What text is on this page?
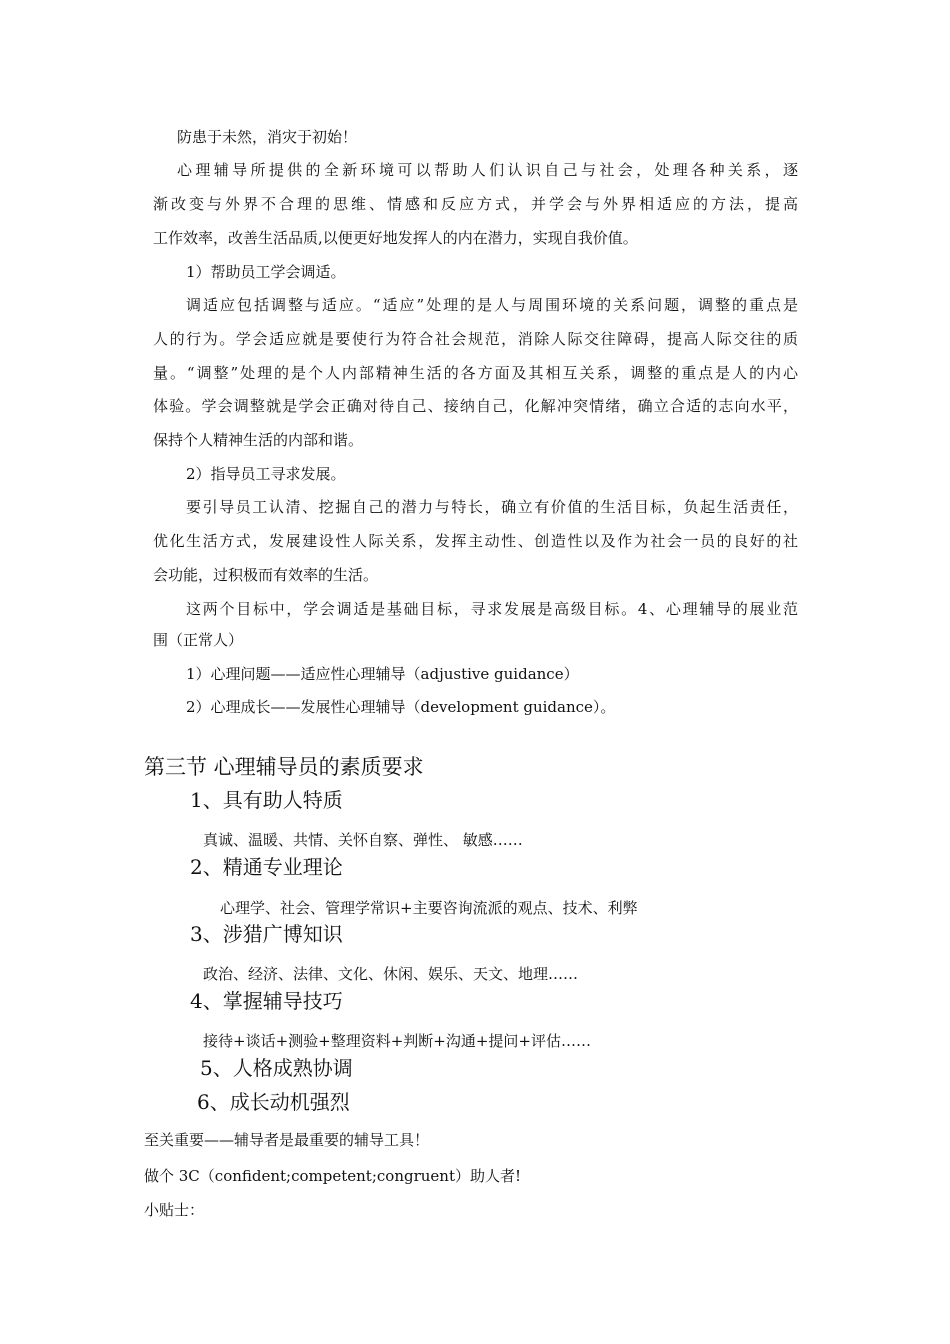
防患于未然，消灾于初始！
心理辅导所提供的全新环境可以帮助人们认识自己与社会，处理各种关系，逐
渐改变与外界不合理的思维、情感和反应方式，并学会与外界相适应的方法，提高
工作效率，改善生活品质,以便更好地发挥人的内在潜力，实现自我价值。
1）帮助员工学会调适。
调适应包括调整与适应。“适应”处理的是人与周围环境的关系问题，调整的重点是
人的行为。学会适应就是要使行为符合社会规范，消除人际交往障碍，提高人际交往的质
量。“调整”处理的是个人内部精神生活的各方面及其相互关系，调整的重点是人的内心
体验。学会调整就是学会正确对待自己、接纳自己，化解冲突情绪，确立合适的志向水平，
保持个人精神生活的内部和谐。
2）指导员工寻求发展。
要引导员工认清、挖掘自己的潜力与特长，确立有价值的生活目标，负起生活责任，
优化生活方式，发展建设性人际关系，发挥主动性、创造性以及作为社会一员的良好的社
会功能，过积极而有效率的生活。
这两个目标中，学会调适是基础目标，寻求发展是高级目标。4、心理辅导的展业范
围（正常人）
1）心理问题——适应性心理辅导（adjustive guidance）
2）心理成长——发展性心理辅导（development guidance）。
第三节 心理辅导员的素质要求
1、具有助人特质
真诚、温暖、共情、关怀自察、弹性、 敏感……
2、精通专业理论
心理学、社会、管理学常识+主要咨询流派的观点、技术、利弊
3、涉猎广博知识
政治、经济、法律、文化、休闲、娱乐、天文、地理……
4、掌握辅导技巧
接待+谈话+测验+整理资料+判断+沟通+提问+评估……
5、人格成熟协调
6、成长动机强烈
至关重要——辅导者是最重要的辅导工具！
做个 3C（confident;competent;congruent）助人者!
小贴士：
